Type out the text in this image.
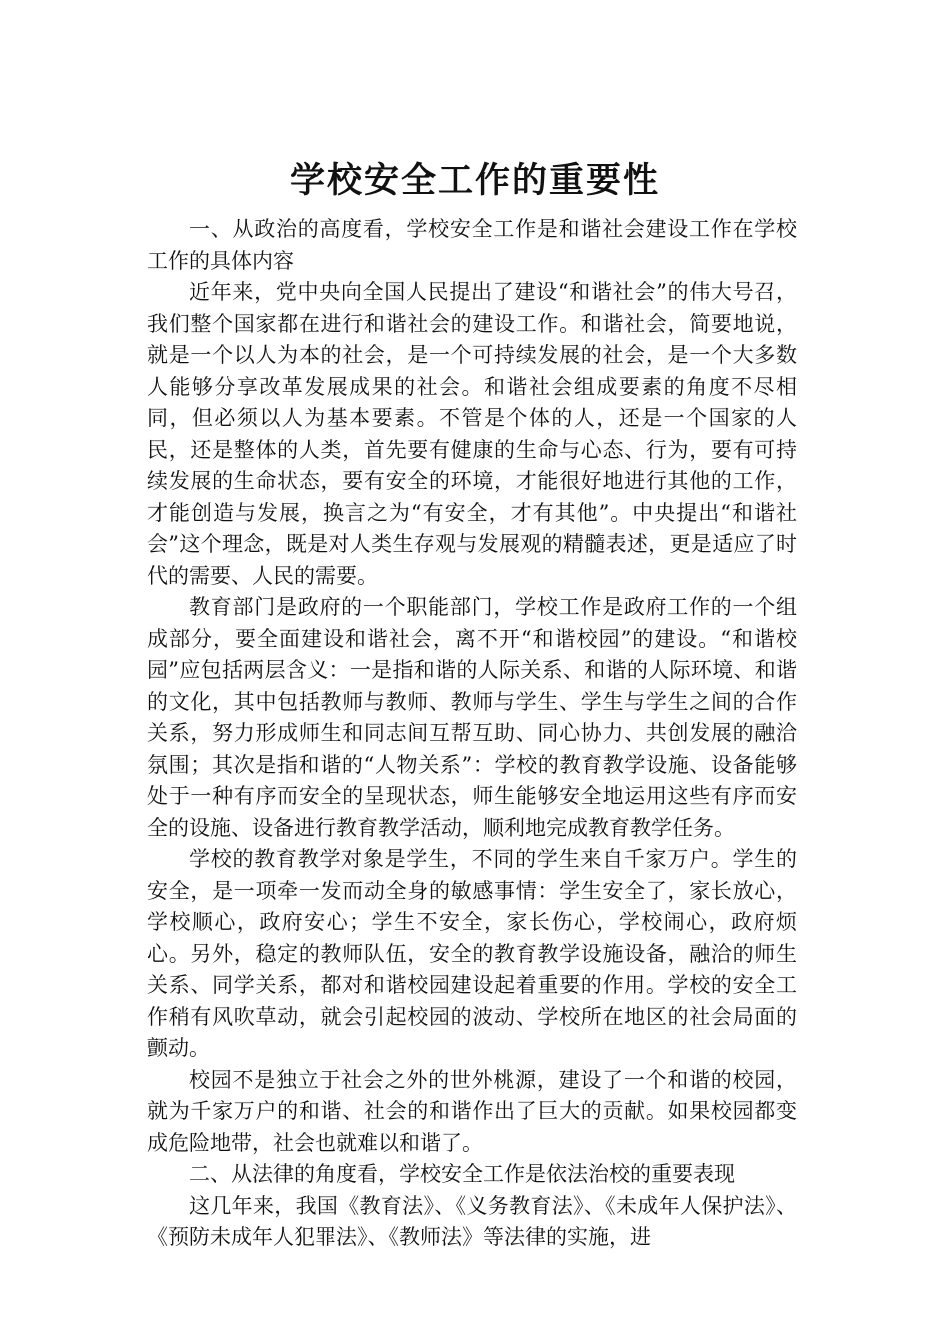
学校安全工作的重要性

一、从政治的高度看，学校安全工作是和谐社会建设工作在学校工作的具体内容

近年来，党中央向全国人民提出了建设“和谐社会”的伟大号召，我们整个国家都在进行和谐社会的建设工作。和谐社会，简要地说，就是一个以人为本的社会，是一个可持续发展的社会，是一个大多数人能够分享改革发展成果的社会。和谐社会组成要素的角度不尽相同，但必须以人为基本要素。不管是个体的人，还是一个国家的人民，还是整体的人类，首先要有健康的生命与心态、行为，要有可持续发展的生命状态，要有安全的环境，才能很好地进行其他的工作，才能创造与发展，换言之为“有安全，才有其他”。中央提出“和谐社会”这个理念，既是对人类生存观与发展观的精髓表述，更是适应了时代的需要、人民的需要。

教育部门是政府的一个职能部门，学校工作是政府工作的一个组成部分，要全面建设和谐社会，离不开“和谐校园”的建设。“和谐校园”应包括两层含义：一是指和谐的人际关系、和谐的人际环境、和谐的文化，其中包括教师与教师、教师与学生、学生与学生之间的合作关系，努力形成师生和同志间互帮互助、同心协力、共创发展的融洽氛围；其次是指和谐的“人物关系”：学校的教育教学设施、设备能够处于一种有序而安全的呈现状态，师生能够安全地运用这些有序而安全的设施、设备进行教育教学活动，顺利地完成教育教学任务。

学校的教育教学对象是学生，不同的学生来自千家万户。学生的安全，是一项牵一发而动全身的敏感事情：学生安全了，家长放心，学校顺心，政府安心；学生不安全，家长伤心，学校闹心，政府烦心。另外，稳定的教师队伍，安全的教育教学设施设备，融洽的师生关系、同学关系，都对和谐校园建设起着重要的作用。学校的安全工作稍有风吹草动，就会引起校园的波动、学校所在地区的社会局面的颤动。

校园不是独立于社会之外的世外桃源，建设了一个和谐的校园，就为千家万户的和谐、社会的和谐作出了巨大的贡献。如果校园都变成危险地带，社会也就难以和谐了。

二、从法律的角度看，学校安全工作是依法治校的重要表现

这几年来，我国《教育法》、《义务教育法》、《未成年人保护法》、《预防未成年人犯罪法》、《教师法》等法律的实施，进
